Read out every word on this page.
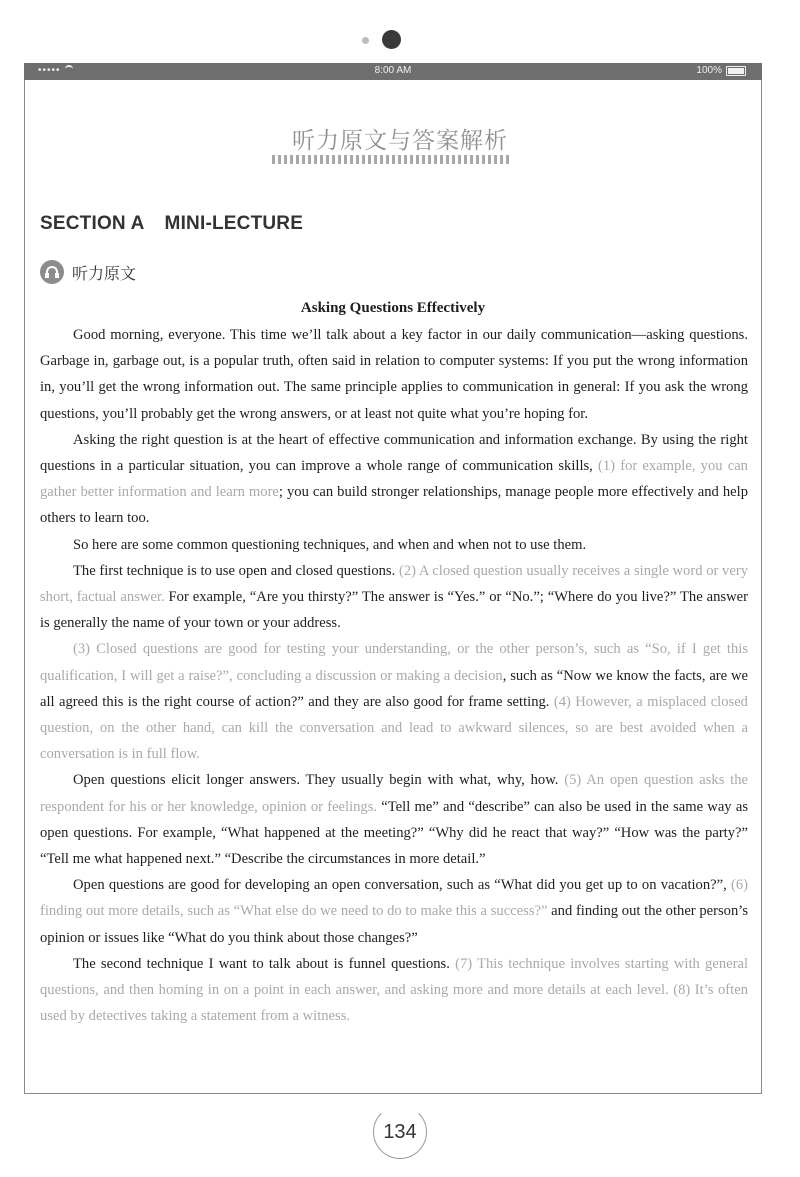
•••••	8:00 AM	100%
听力原文与答案解析
SECTION A MINI-LECTURE
听力原文
Asking Questions Effectively

Good morning, everyone. This time we’ll talk about a key factor in our daily communication—asking questions. Garbage in, garbage out, is a popular truth, often said in relation to computer systems: If you put the wrong information in, you’ll get the wrong information out. The same principle applies to communication in general: If you ask the wrong questions, you’ll probably get the wrong answers, or at least not quite what you’re hoping for.

Asking the right question is at the heart of effective communication and information exchange. By using the right questions in a particular situation, you can improve a whole range of communication skills, (1) for example, you can gather better information and learn more; you can build stronger relationships, manage people more effectively and help others to learn too.

So here are some common questioning techniques, and when and when not to use them.

The first technique is to use open and closed questions. (2) A closed question usually receives a single word or very short, factual answer. For example, “Are you thirsty?” The answer is “Yes.” or “No.”; “Where do you live?” The answer is generally the name of your town or your address.

(3) Closed questions are good for testing your understanding, or the other person’s, such as “So, if I get this qualification, I will get a raise?”, concluding a discussion or making a decision, such as “Now we know the facts, are we all agreed this is the right course of action?” and they are also good for frame setting. (4) However, a misplaced closed question, on the other hand, can kill the conversation and lead to awkward silences, so are best avoided when a conversation is in full flow.

Open questions elicit longer answers. They usually begin with what, why, how. (5) An open question asks the respondent for his or her knowledge, opinion or feelings. “Tell me” and “describe” can also be used in the same way as open questions. For example, “What happened at the meeting?” “Why did he react that way?” “How was the party?” “Tell me what happened next.” “Describe the circumstances in more detail.”

Open questions are good for developing an open conversation, such as “What did you get up to on vacation?”, (6) finding out more details, such as “What else do we need to do to make this a success?” and finding out the other person’s opinion or issues like “What do you think about those changes?”

The second technique I want to talk about is funnel questions. (7) This technique involves starting with general questions, and then homing in on a point in each answer, and asking more and more details at each level. (8) It’s often used by detectives taking a statement from a witness.

134
